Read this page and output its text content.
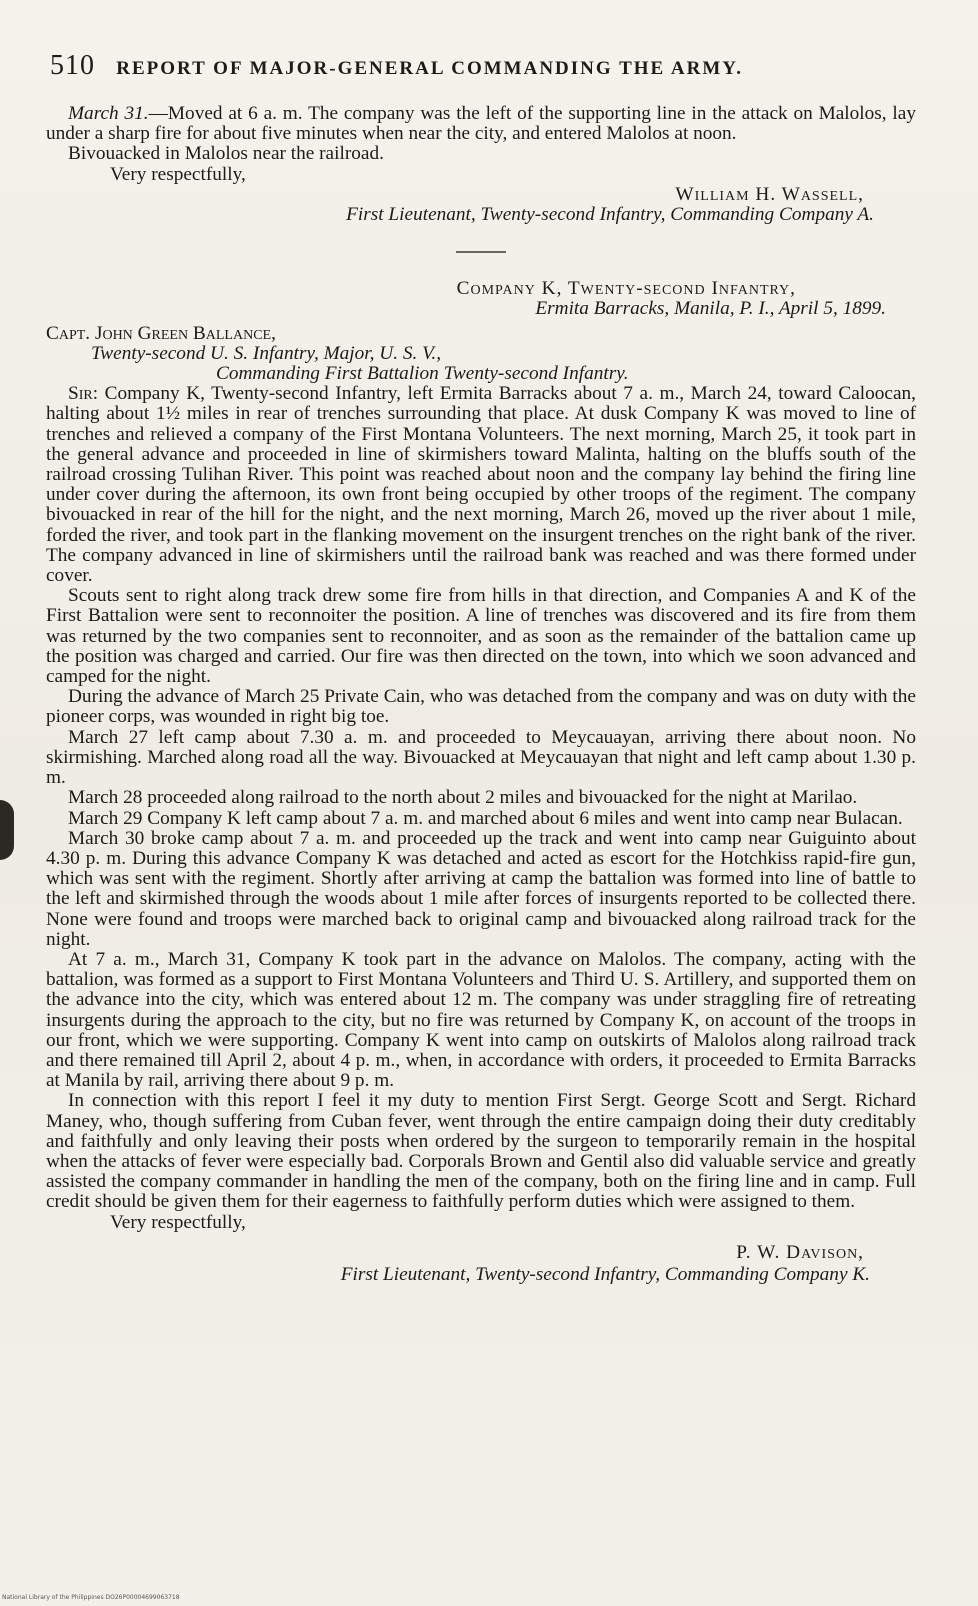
510 REPORT OF MAJOR-GENERAL COMMANDING THE ARMY.

March 31.—Moved at 6 a. m. The company was the left of the supporting line in the attack on Malolos, lay under a sharp fire for about five minutes when near the city, and entered Malolos at noon.

Bivouacked in Malolos near the railroad.

Very respectfully,

William H. Wassell,

First Lieutenant, Twenty-second Infantry, Commanding Company A.

Company K, Twenty-second Infantry,

Ermita Barracks, Manila, P. I., April 5, 1899.

Capt. John Green Ballance,

Twenty-second U. S. Infantry, Major, U. S. V.,

Commanding First Battalion Twenty-second Infantry.

Sir: Company K, Twenty-second Infantry, left Ermita Barracks about 7 a. m., March 24, toward Caloocan, halting about 1½ miles in rear of trenches surrounding that place. At dusk Company K was moved to line of trenches and relieved a company of the First Montana Volunteers. The next morning, March 25, it took part in the general advance and proceeded in line of skirmishers toward Malinta, halting on the bluffs south of the railroad crossing Tulihan River. This point was reached about noon and the company lay behind the firing line under cover during the afternoon, its own front being occupied by other troops of the regiment. The company bivouacked in rear of the hill for the night, and the next morning, March 26, moved up the river about 1 mile, forded the river, and took part in the flanking movement on the insurgent trenches on the right bank of the river. The company advanced in line of skirmishers until the railroad bank was reached and was there formed under cover.

Scouts sent to right along track drew some fire from hills in that direction, and Companies A and K of the First Battalion were sent to reconnoiter the position. A line of trenches was discovered and its fire from them was returned by the two companies sent to reconnoiter, and as soon as the remainder of the battalion came up the position was charged and carried. Our fire was then directed on the town, into which we soon advanced and camped for the night.

During the advance of March 25 Private Cain, who was detached from the company and was on duty with the pioneer corps, was wounded in right big toe.

March 27 left camp about 7.30 a. m. and proceeded to Meycauayan, arriving there about noon. No skirmishing. Marched along road all the way. Bivouacked at Meycauayan that night and left camp about 1.30 p. m.

March 28 proceeded along railroad to the north about 2 miles and bivouacked for the night at Marilao.

March 29 Company K left camp about 7 a. m. and marched about 6 miles and went into camp near Bulacan.

March 30 broke camp about 7 a. m. and proceeded up the track and went into camp near Guiguinto about 4.30 p. m. During this advance Company K was detached and acted as escort for the Hotchkiss rapid-fire gun, which was sent with the regiment. Shortly after arriving at camp the battalion was formed into line of battle to the left and skirmished through the woods about 1 mile after forces of insurgents reported to be collected there. None were found and troops were marched back to original camp and bivouacked along railroad track for the night.

At 7 a. m., March 31, Company K took part in the advance on Malolos. The company, acting with the battalion, was formed as a support to First Montana Volunteers and Third U. S. Artillery, and supported them on the advance into the city, which was entered about 12 m. The company was under straggling fire of retreating insurgents during the approach to the city, but no fire was returned by Company K, on account of the troops in our front, which we were supporting. Company K went into camp on outskirts of Malolos along railroad track and there remained till April 2, about 4 p. m., when, in accordance with orders, it proceeded to Ermita Barracks at Manila by rail, arriving there about 9 p. m.

In connection with this report I feel it my duty to mention First Sergt. George Scott and Sergt. Richard Maney, who, though suffering from Cuban fever, went through the entire campaign doing their duty creditably and faithfully and only leaving their posts when ordered by the surgeon to temporarily remain in the hospital when the attacks of fever were especially bad. Corporals Brown and Gentil also did valuable service and greatly assisted the company commander in handling the men of the company, both on the firing line and in camp. Full credit should be given them for their eagerness to faithfully perform duties which were assigned to them.

Very respectfully,

P. W. Davison,

First Lieutenant, Twenty-second Infantry, Commanding Company K.

National Library of the Philippines DO26P00004699063718
